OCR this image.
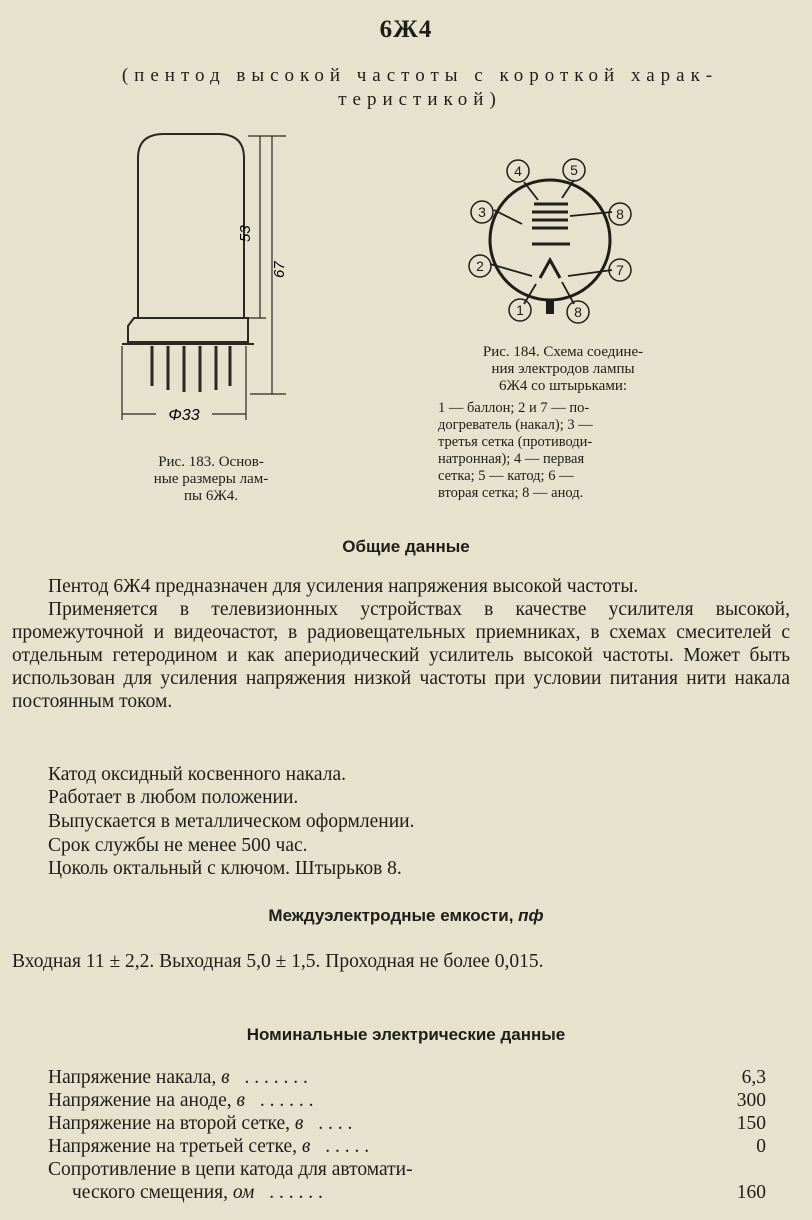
6Ж4
(пентод высокой частоты с короткой харак-
теристикой)
53
67
Φ33
Рис. 183. Основ-
ные размеры лам-
пы 6Ж4.
4	5
3	8
2	7
1	8
Рис. 184. Схема соедине-
ния электродов лампы
6Ж4 со штырьками:
1 — баллон; 2 и 7 — по-
догреватель (накал); 3 —
третья сетка (противоди-
натронная); 4 — первая
сетка; 5 — катод; 6 —
вторая сетка; 8 — анод.
Общие данные

Пентод 6Ж4 предназначен для усиления напряжения высокой частоты.

Применяется в телевизионных устройствах в качестве усилителя высокой, промежуточной и видеочастот, в радиовещательных приемниках, в схемах смесителей с отдельным гетеродином и как апериодический усилитель высокой частоты. Может быть использован для усиления напряжения низкой частоты при условии питания нити накала постоянным током.

Катод оксидный косвенного накала.
Работает в любом положении.
Выпускается в металлическом оформлении.
Срок службы не менее 500 час.
Цоколь октальный с ключом. Штырьков 8.
Междуэлектродные емкости, пф

Входная 11 ± 2,2. Выходная 5,0 ± 1,5. Проходная не более 0,015.

Номинальные электрические данные
Напряжение накала, в . . . . . . .	6,3
Напряжение на аноде, в . . . . . .	300
Напряжение на второй сетке, в . . . .	150
Напряжение на третьей сетке, в . . . . .	0
Сопротивление в цепи катода для автомати-
ческого смещения, ом . . . . . .	160
